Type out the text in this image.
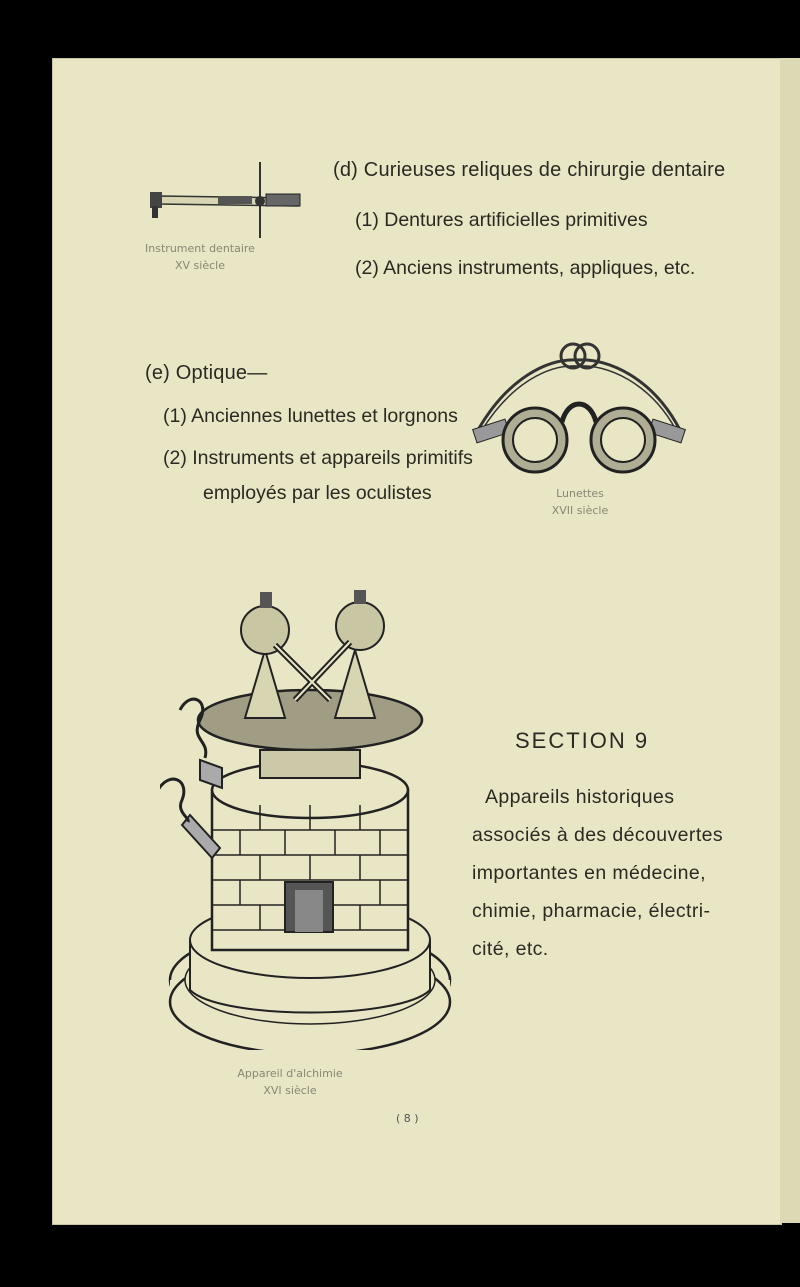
Instrument dentaire
XV siècle
(d) Curieuses reliques de chirurgie dentaire
(1) Dentures artificielles primitives
(2) Anciens instruments, appliques, etc.
(e) Optique—
(1) Anciennes lunettes et lorgnons
(2) Instruments et appareils primitifs
employés par les oculistes	Lunettes
XVII siècle
Appareil d'alchimie
XVI siècle
SECTION 9
Appareils historiques
associés à des découvertes
importantes en médecine,
chimie, pharmacie, électri-
cité, etc.
( 8 )
